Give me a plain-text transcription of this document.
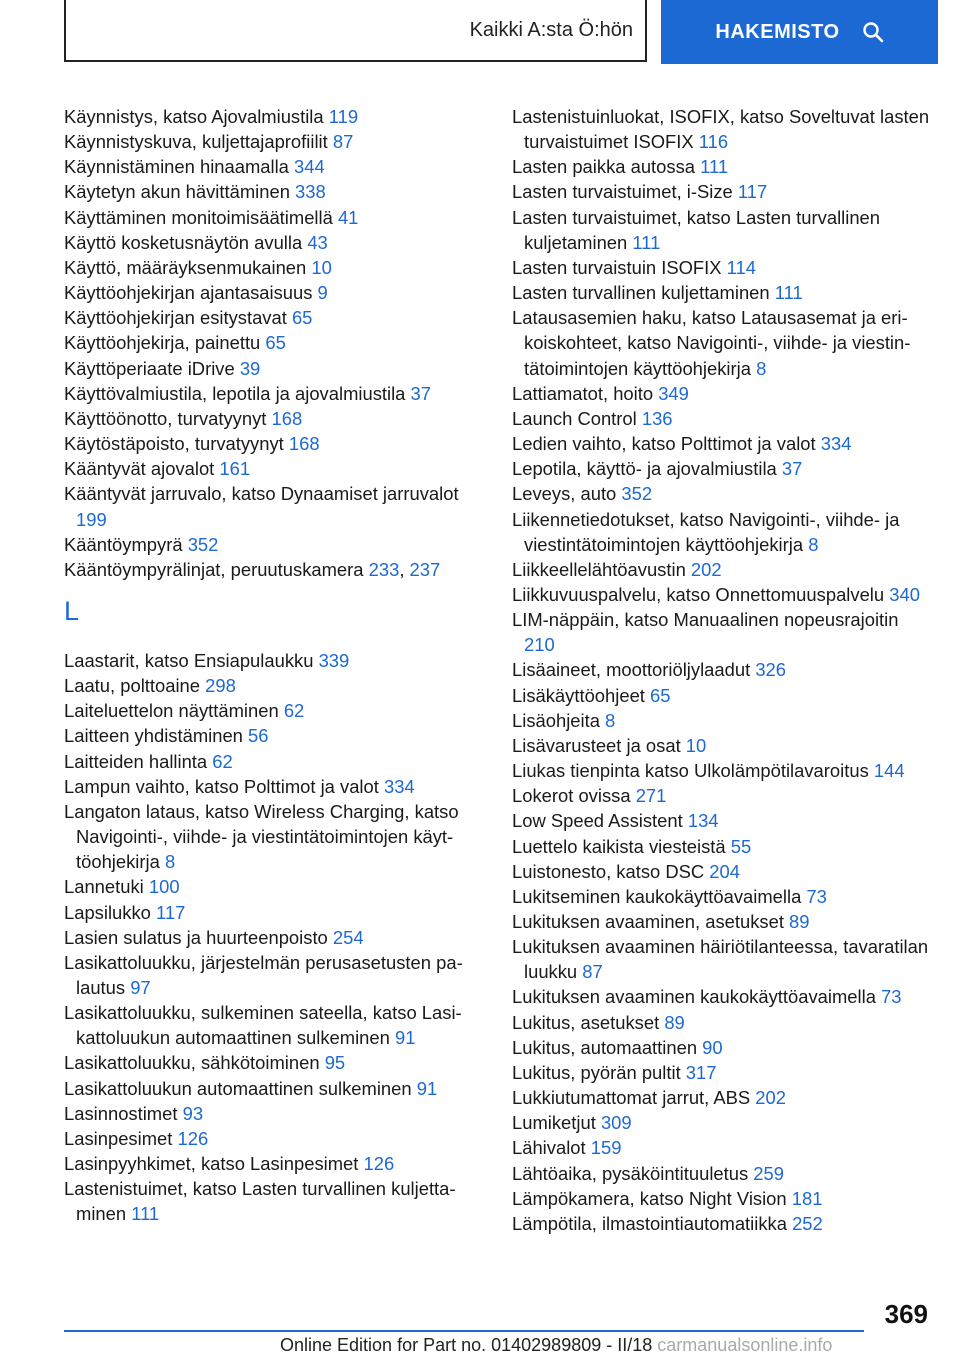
Kaikki A:sta Ö:hön	HAKEMISTO
Käynnistys, katso Ajovalmiustila 119
Käynnistyskuva, kuljettajaprofiilit 87
Käynnistäminen hinaamalla 344
Käytetyn akun hävittäminen 338
Käyttäminen monitoimisäätimellä 41
Käyttö kosketusnäytön avulla 43
Käyttö, määräyksenmukainen 10
Käyttöohjekirjan ajantasaisuus 9
Käyttöohjekirjan esitystavat 65
Käyttöohjekirja, painettu 65
Käyttöperiaate iDrive 39
Käyttövalmiustila, lepotila ja ajovalmiustila 37
Käyttöönotto, turvatyynyt 168
Käytöstäpoisto, turvatyynyt 168
Kääntyvät ajovalot 161
Kääntyvät jarruvalo, katso Dynaamiset jarruvalot 199
Kääntöympyrä 352
Kääntöympyrälinjat, peruutuskamera 233, 237
L
Laastarit, katso Ensiapulaukku 339
Laatu, polttoaine 298
Laiteluettelon näyttäminen 62
Laitteen yhdistäminen 56
Laitteiden hallinta 62
Lampun vaihto, katso Polttimot ja valot 334
Langaton lataus, katso Wireless Charging, katso Navigointi-, viihde- ja viestintätoimintojen käyttöohjekirja 8
Lannetuki 100
Lapsilukko 117
Lasien sulatus ja huurteenpoisto 254
Lasikattoluukku, järjestelmän perusasetusten palautus 97
Lasikattoluukku, sulkeminen sateella, katso Lasikattoluukun automaattinen sulkeminen 91
Lasikattoluukku, sähkötoiminen 95
Lasikattoluukun automaattinen sulkeminen 91
Lasinnostimet 93
Lasinpesimet 126
Lasinpyyhkimet, katso Lasinpesimet 126
Lastenistuimet, katso Lasten turvallinen kuljettaminen 111
Lastenistuinluokat, ISOFIX, katso Soveltuvat lasten turvaistuimet ISOFIX 116
Lasten paikka autossa 111
Lasten turvaistuimet, i-Size 117
Lasten turvaistuimet, katso Lasten turvallinen kuljetaminen 111
Lasten turvaistuin ISOFIX 114
Lasten turvallinen kuljettaminen 111
Latausasemien haku, katso Latausasemat ja erikoiskohteet, katso Navigointi-, viihde- ja viestintätoimintojen käyttöohjekirja 8
Lattiamatot, hoito 349
Launch Control 136
Ledien vaihto, katso Polttimot ja valot 334
Lepotila, käyttö- ja ajovalmiustila 37
Leveys, auto 352
Liikennetiedotukset, katso Navigointi-, viihde- ja viestintätoimintojen käyttöohjekirja 8
Liikkeellelähtöavustin 202
Liikkuvuuspalvelu, katso Onnettomuuspalvelu 340
LIM-näppäin, katso Manuaalinen nopeusrajoitin 210
Lisäaineet, moottoriöljylaadut 326
Lisäkäyttöohjeet 65
Lisäohjeita 8
Lisävarusteet ja osat 10
Liukas tienpinta katso Ulkolämpötilavaroitus 144
Lokerot ovissa 271
Low Speed Assistent 134
Luettelo kaikista viesteistä 55
Luistonesto, katso DSC 204
Lukitseminen kaukokäyttöavaimella 73
Lukituksen avaaminen, asetukset 89
Lukituksen avaaminen häiriötilanteessa, tavaratilan luukku 87
Lukituksen avaaminen kaukokäyttöavaimella 73
Lukitus, asetukset 89
Lukitus, automaattinen 90
Lukitus, pyörän pultit 317
Lukkiutumattomat jarrut, ABS 202
Lumiketjut 309
Lähivalot 159
Lähtöaika, pysäköintituuletus 259
Lämpökamera, katso Night Vision 181
Lämpötila, ilmastointiautomatiikka 252
369
Online Edition for Part no. 01402989809 - II/18 carmanualsonline.info
